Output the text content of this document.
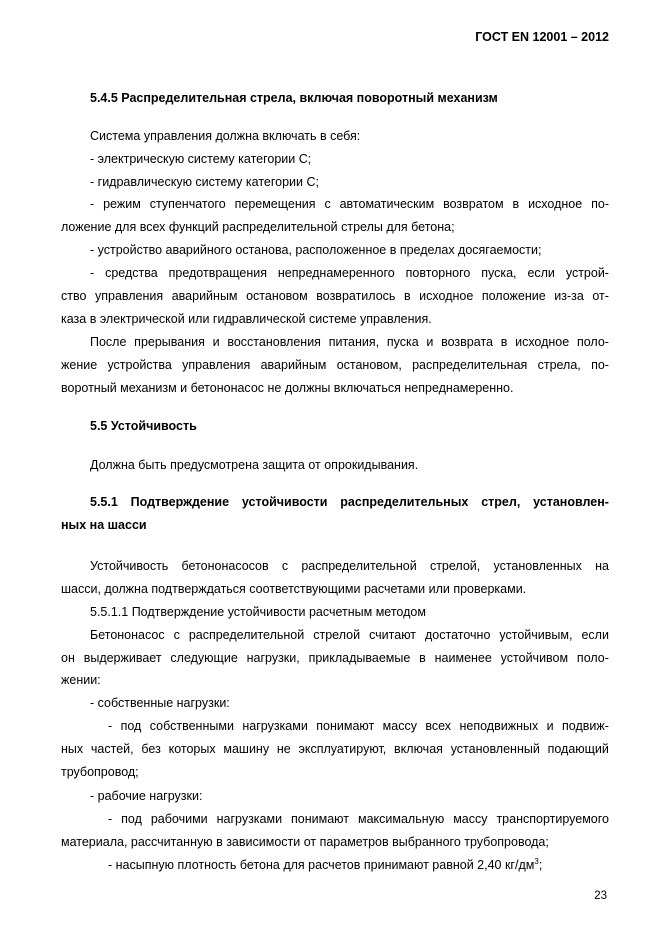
ГОСТ EN 12001 – 2012
5.4.5 Распределительная стрела, включая поворотный механизм
Система управления должна включать в себя:
- электрическую систему категории С;
- гидравлическую систему категории С;
- режим ступенчатого перемещения с автоматическим возвратом в исходное по-
ложение для всех функций распределительной стрелы для бетона;
- устройство аварийного останова, расположенное в пределах досягаемости;
- средства предотвращения непреднамеренного повторного пуска, если устрой-
ство управления аварийным остановом возвратилось в исходное положение из-за от-
каза в электрической или гидравлической системе управления.
После прерывания и восстановления питания, пуска и возврата в исходное поло-
жение устройства управления аварийным остановом, распределительная стрела, по-
воротный механизм и бетононасос не должны включаться непреднамеренно.
5.5 Устойчивость
Должна быть предусмотрена защита от опрокидывания.
5.5.1 Подтверждение устойчивости распределительных стрел, установлен-
ных на шасси
Устойчивость бетононасосов с распределительной стрелой, установленных на
шасси, должна подтверждаться соответствующими расчетами или проверками.
5.5.1.1 Подтверждение устойчивости расчетным методом
Бетононасос с распределительной стрелой считают достаточно устойчивым, если
он выдерживает следующие нагрузки, прикладываемые в наименее устойчивом поло-
жении:
- собственные нагрузки:
- под собственными нагрузками понимают массу всех неподвижных и подвиж-
ных частей, без которых машину не эксплуатируют, включая установленный подающий
трубопровод;
- рабочие нагрузки:
- под рабочими нагрузками понимают максимальную массу транспортируемого
материала, рассчитанную в зависимости от параметров выбранного трубопровода;
- насыпную плотность бетона для расчетов принимают равной 2,40 $кг/дм^3$;
23
